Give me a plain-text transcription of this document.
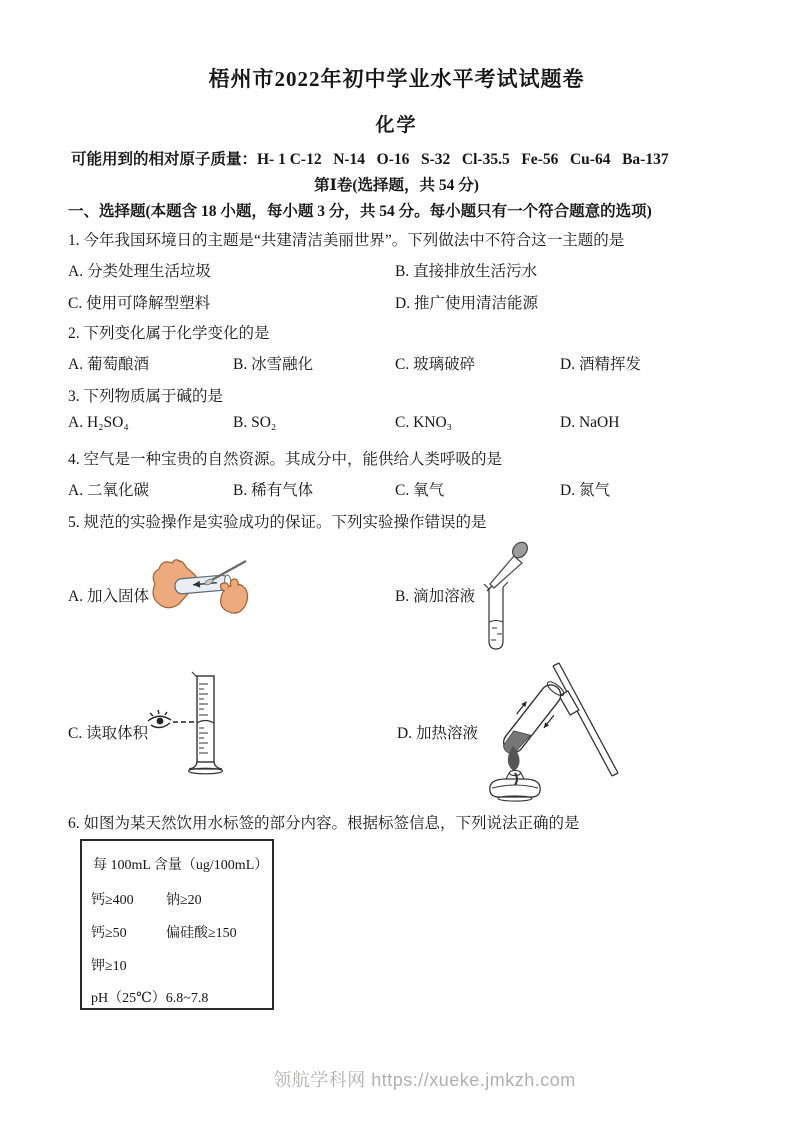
梧州市2022年初中学业水平考试试题卷
化学
可能用到的相对原子质量：H- 1 C-12   N-14   O-16   S-32   Cl-35.5   Fe-56   Cu-64   Ba-137
第Ⅰ卷(选择题，共 54 分)
一、选择题(本题含 18 小题，每小题 3 分，共 54 分。每小题只有一个符合题意的选项)
1. 今年我国环境日的主题是“共建清洁美丽世界”。下列做法中不符合这一主题的是
A. 分类处理生活垃圾	B. 直接排放生活污水
C. 使用可降解型塑料	D. 推广使用清洁能源
2. 下列变化属于化学变化的是
A. 葡萄酿酒	B. 冰雪融化	C. 玻璃破碎	D. 酒精挥发
3. 下列物质属于碱的是
A. H₂SO₄	B. SO₂	C. KNO₃	D. NaOH
4. 空气是一种宝贵的自然资源。其成分中，能供给人类呼吸的是
A. 二氧化碳	B. 稀有气体	C. 氧气	D. 氮气
5. 规范的实验操作是实验成功的保证。下列实验操作错误的是
A. 加入固体	B. 滴加溶液
C. 读取体积	D. 加热溶液
6. 如图为某天然饮用水标签的部分内容。根据标签信息，下列说法正确的是
每 100mL 含量（ug/100mL）
钙≥400 钠≥20
钙≥50	偏硅酸≥150
钾≥10
pH（25℃）6.8~7.8
领航学科网 https://xueke.jmkzh.com
